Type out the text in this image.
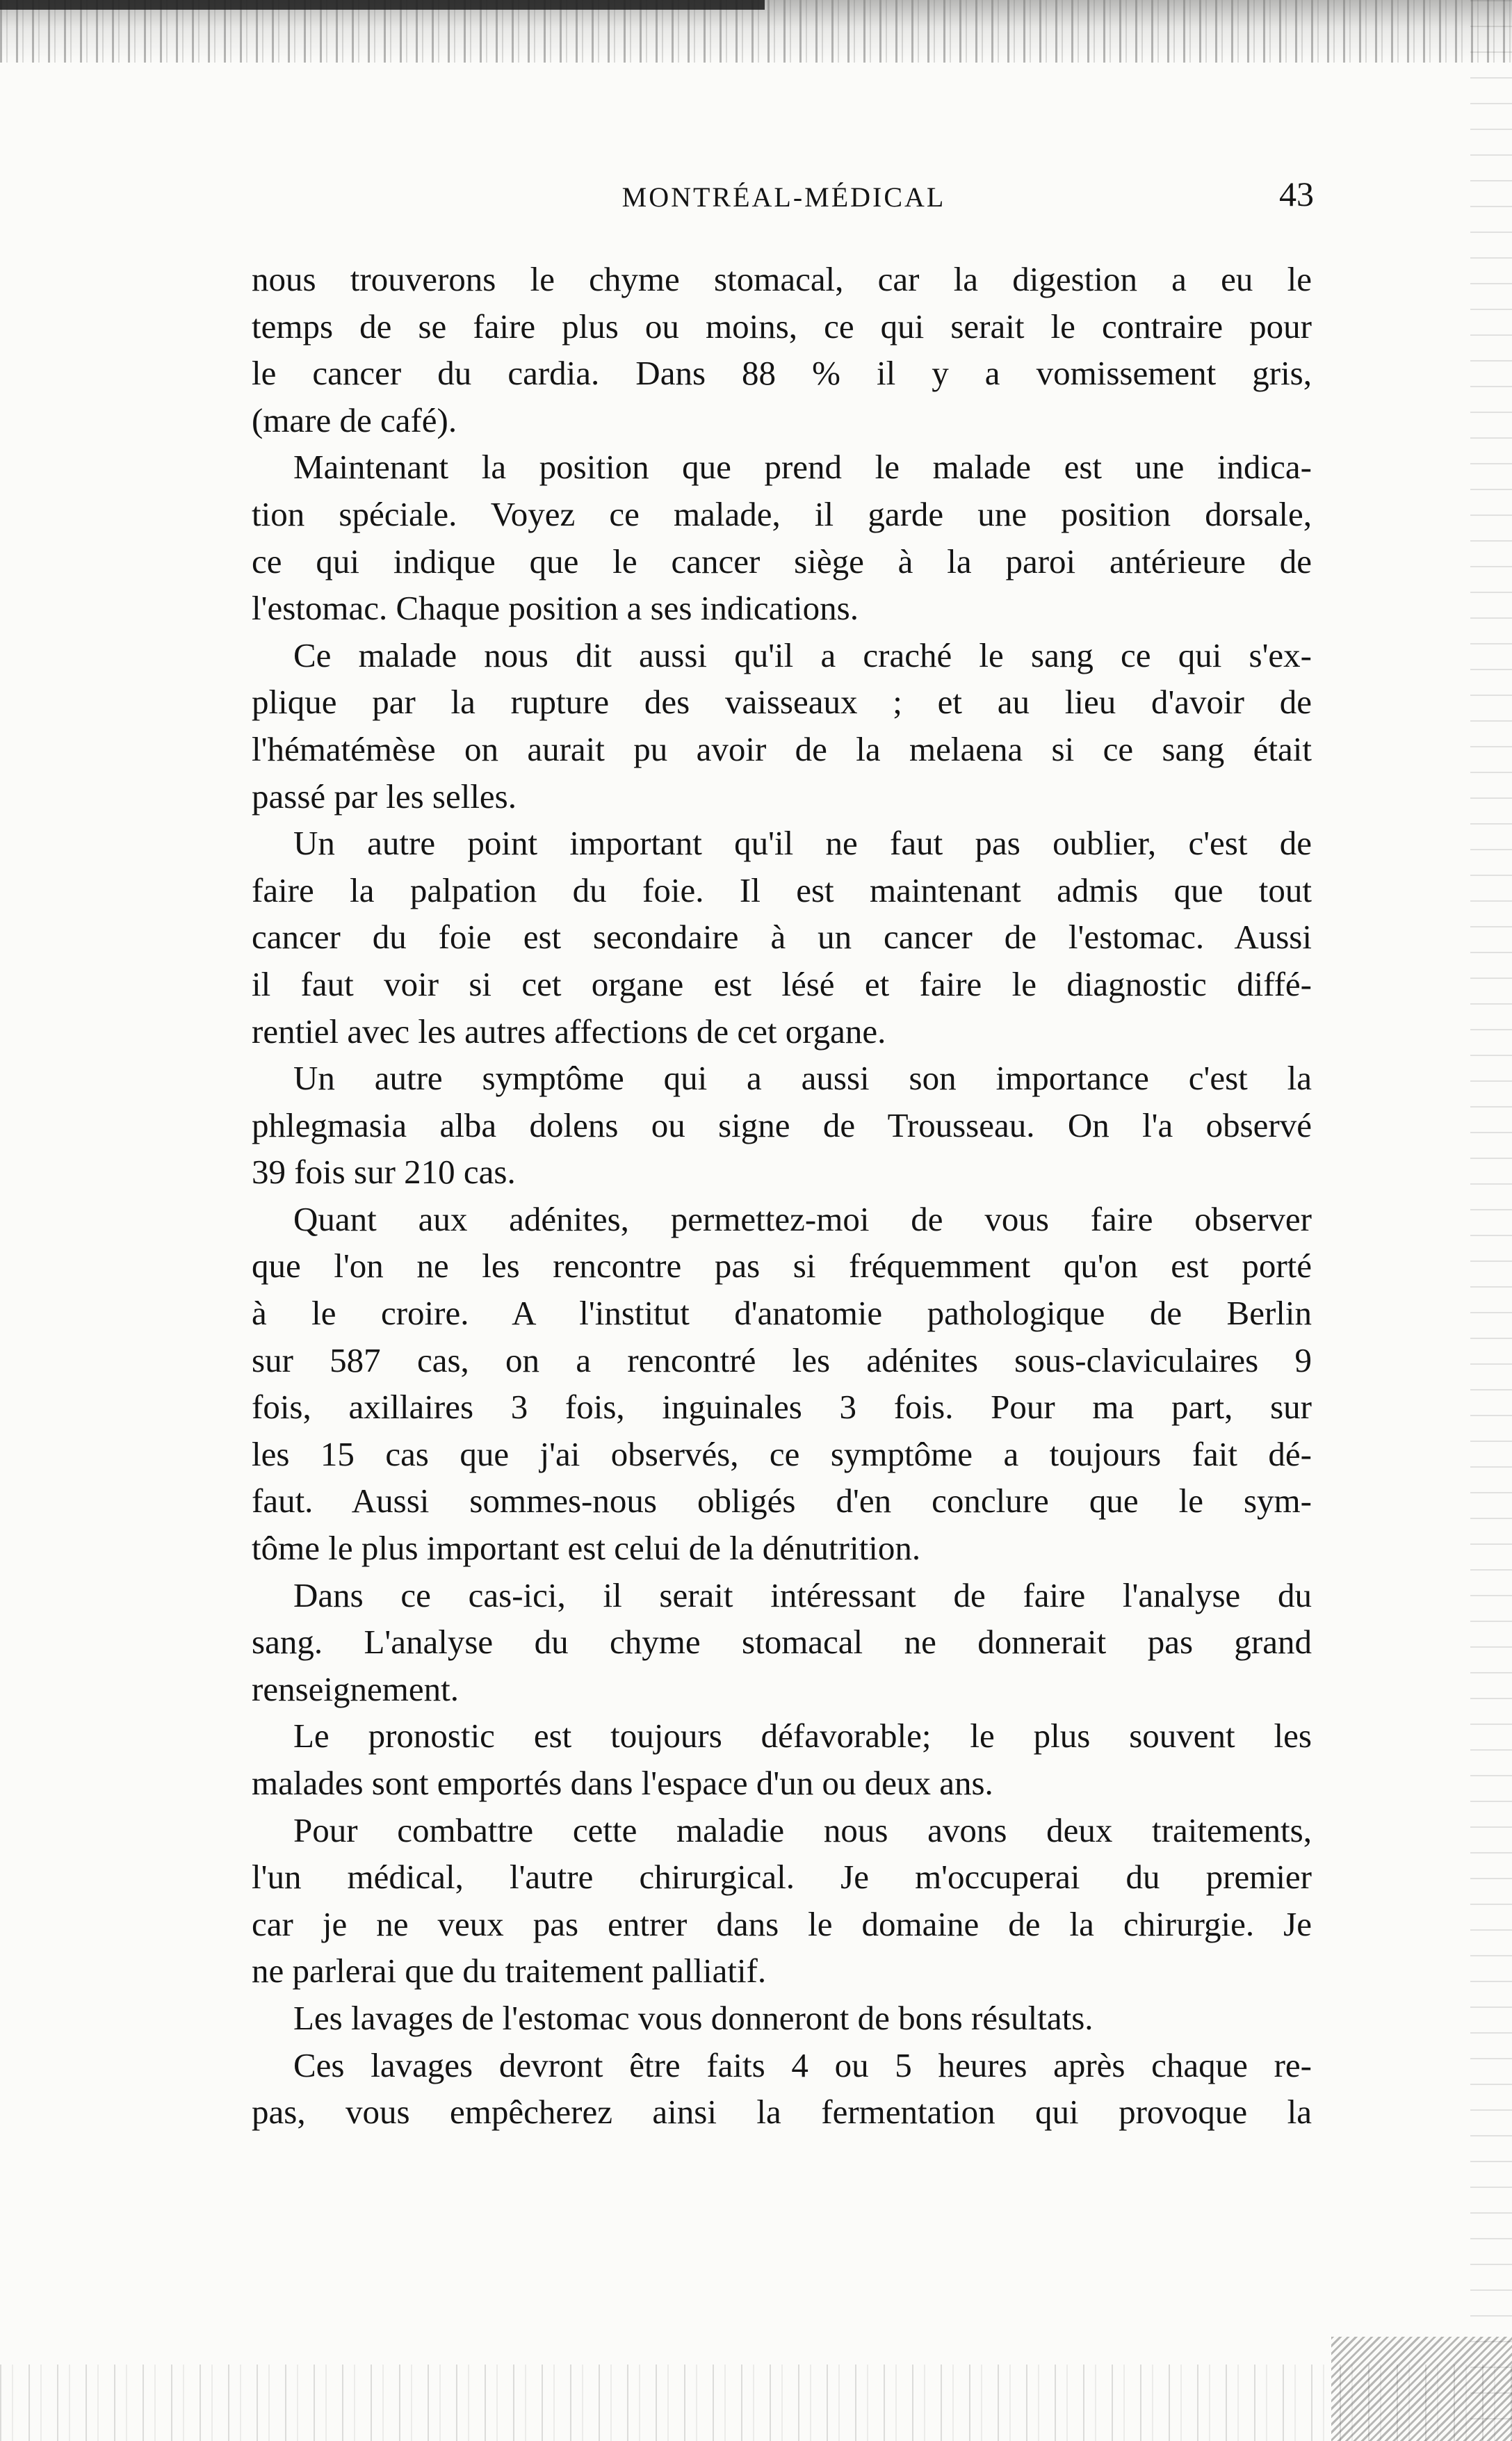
MONTRÉAL-MÉDICAL	43
nous trouverons le chyme stomacal, car la digestion a eu le
temps de se faire plus ou moins, ce qui serait le contraire pour
le cancer du cardia. Dans 88 % il y a vomissement gris,
(mare de café).
Maintenant la position que prend le malade est une indica-
tion spéciale. Voyez ce malade, il garde une position dorsale,
ce qui indique que le cancer siège à la paroi antérieure de
l'estomac. Chaque position a ses indications.
Ce malade nous dit aussi qu'il a craché le sang ce qui s'ex-
plique par la rupture des vaisseaux ; et au lieu d'avoir de
l'hématémèse on aurait pu avoir de la melaena si ce sang était
passé par les selles.
Un autre point important qu'il ne faut pas oublier, c'est de
faire la palpation du foie. Il est maintenant admis que tout
cancer du foie est secondaire à un cancer de l'estomac. Aussi
il faut voir si cet organe est lésé et faire le diagnostic diffé-
rentiel avec les autres affections de cet organe.
Un autre symptôme qui a aussi son importance c'est la
phlegmasia alba dolens ou signe de Trousseau. On l'a observé
39 fois sur 210 cas.
Quant aux adénites, permettez-moi de vous faire observer
que l'on ne les rencontre pas si fréquemment qu'on est porté
à le croire. A l'institut d'anatomie pathologique de Berlin
sur 587 cas, on a rencontré les adénites sous-claviculaires 9
fois, axillaires 3 fois, inguinales 3 fois. Pour ma part, sur
les 15 cas que j'ai observés, ce symptôme a toujours fait dé-
faut. Aussi sommes-nous obligés d'en conclure que le sym-
tôme le plus important est celui de la dénutrition.
Dans ce cas-ici, il serait intéressant de faire l'analyse du
sang. L'analyse du chyme stomacal ne donnerait pas grand
renseignement.
Le pronostic est toujours défavorable; le plus souvent les
malades sont emportés dans l'espace d'un ou deux ans.
Pour combattre cette maladie nous avons deux traitements,
l'un médical, l'autre chirurgical. Je m'occuperai du premier
car je ne veux pas entrer dans le domaine de la chirurgie. Je
ne parlerai que du traitement palliatif.
Les lavages de l'estomac vous donneront de bons résultats.
Ces lavages devront être faits 4 ou 5 heures après chaque re-
pas, vous empêcherez ainsi la fermentation qui provoque la
